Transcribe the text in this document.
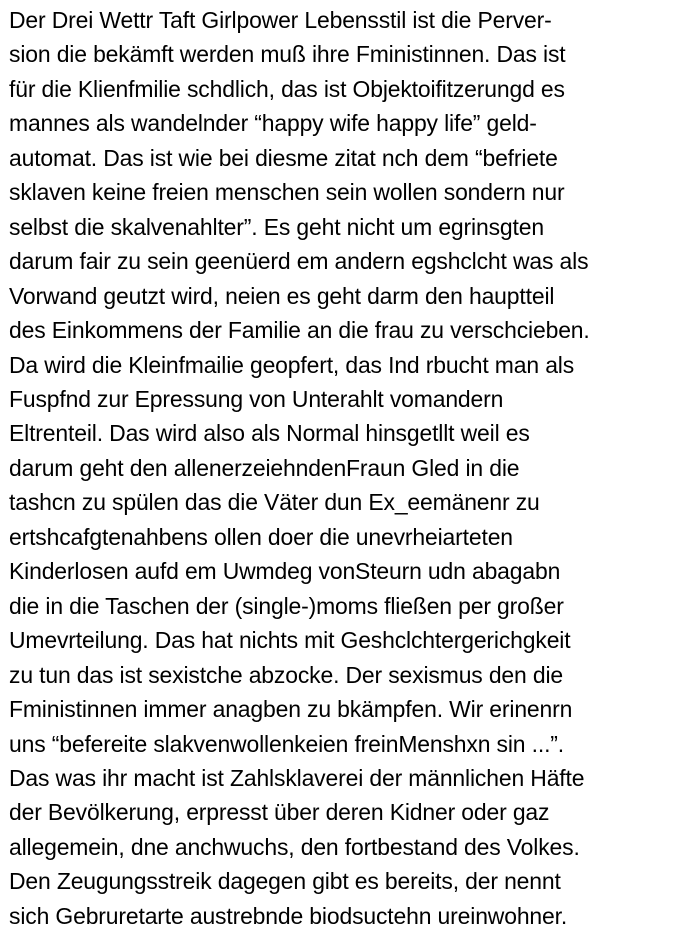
Der Drei Wettr Taft Girlpower Lebensstil ist die Perver-
sion die bekämft werden muß ihre Fministinnen. Das ist
für die Klienfmilie schdlich, das ist Objektoifitzerungd es
mannes als wandelnder “happy wife happy life” geld-
automat. Das ist wie bei diesme zitat nch dem “befriete
sklaven keine freien menschen sein wollen sondern nur
selbst die skalvenahlter”. Es geht nicht um egrinsgten
darum fair zu sein geenüerd em andern egshclcht was als
Vorwand geutzt wird, neien es geht darm den hauptteil
des Einkommens der Familie an die frau zu verschcieben.
Da wird die Kleinfmailie geopfert, das Ind rbucht man als
Fuspfnd zur Epressung von Unterahlt vomandern
Eltrenteil. Das wird also als Normal hinsgetllt weil es
darum geht den allenerzeiehndenFraun Gled in die
tashcn zu spülen das die Väter dun Ex_eemänenr zu
ertshcafgtenahbens ollen doer die unevrheiarteten
Kinderlosen aufd em Uwmdeg vonSteurn udn abagabn
die in die Taschen der (single-)moms fließen per großer
Umevrteilung. Das hat nichts mit Geshclchtergerichgkeit
zu tun das ist sexistche abzocke. Der sexismus den die
Fministinnen immer anagben zu bkämpfen. Wir erinenrn
uns “befereite slakvenwollenkeien freinMenshxn sin ...”.
Das was ihr macht ist Zahlsklaverei der männlichen Häfte
der Bevölkerung, erpresst über deren Kidner oder gaz
allegemein, dne anchwuchs, den fortbestand des Volkes.
Den Zeugungsstreik dagegen gibt es bereits, der nennt
sich Gebruretarte austrebnde biodsuctehn ureinwohner.
